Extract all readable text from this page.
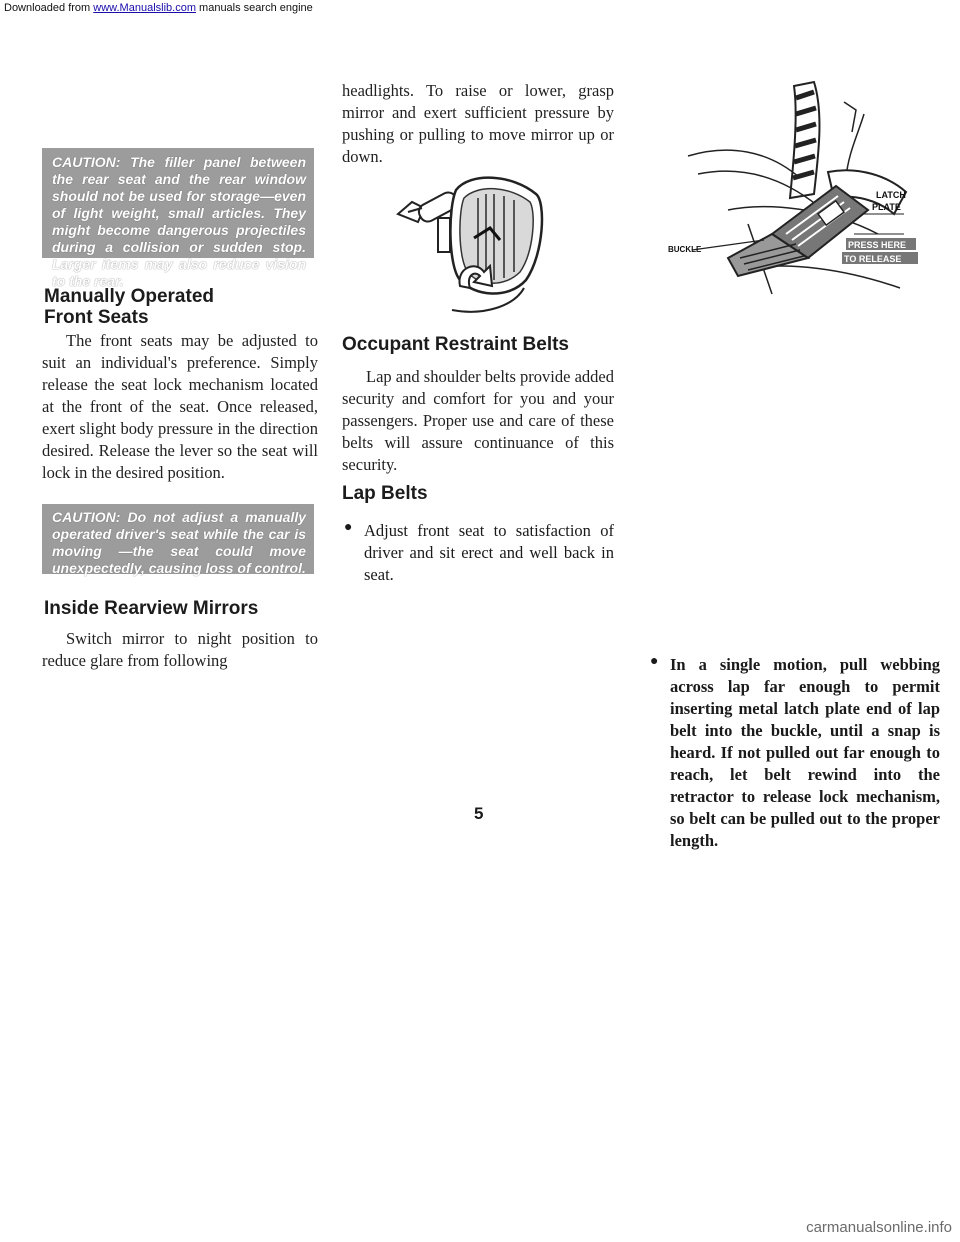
Downloaded from www.Manualslib.com manuals search engine
CAUTION: The filler panel between the rear seat and the rear window should not be used for storage—even of light weight, small articles. They might become dangerous projectiles during a collision or sudden stop. Larger items may also reduce vision to the rear.
Manually Operated
Front Seats

The front seats may be adjusted to suit an individual's preference. Simply release the seat lock mechanism located at the front of the seat. Once released, exert slight body pressure in the direction desired. Release the lever so the seat will lock in the desired position.

CAUTION: Do not adjust a manually operated driver's seat while the car is moving —the seat could move unexpectedly, causing loss of control.
Inside Rearview Mirrors

Switch mirror to night position to reduce glare from following

headlights. To raise or lower, grasp mirror and exert sufficient pressure by pushing or pulling to move mirror up or down.

Occupant Restraint Belts

Lap and shoulder belts provide added security and comfort for you and your passengers. Proper use and care of these belts will assure continuance of this security.

Lap Belts
● Adjust front seat to satisfaction of driver and sit erect and well back in seat.

BUCKLE
LATCH
PLATE
PRESS HERE
TO RELEASE
● In a single motion, pull webbing across lap far enough to permit inserting metal latch plate end of lap belt into the buckle, until a snap is heard. If not pulled out far enough to reach, let belt rewind into the retractor to release lock mechanism, so belt can be pulled out to the proper length.

5
carmanualsonline.info
